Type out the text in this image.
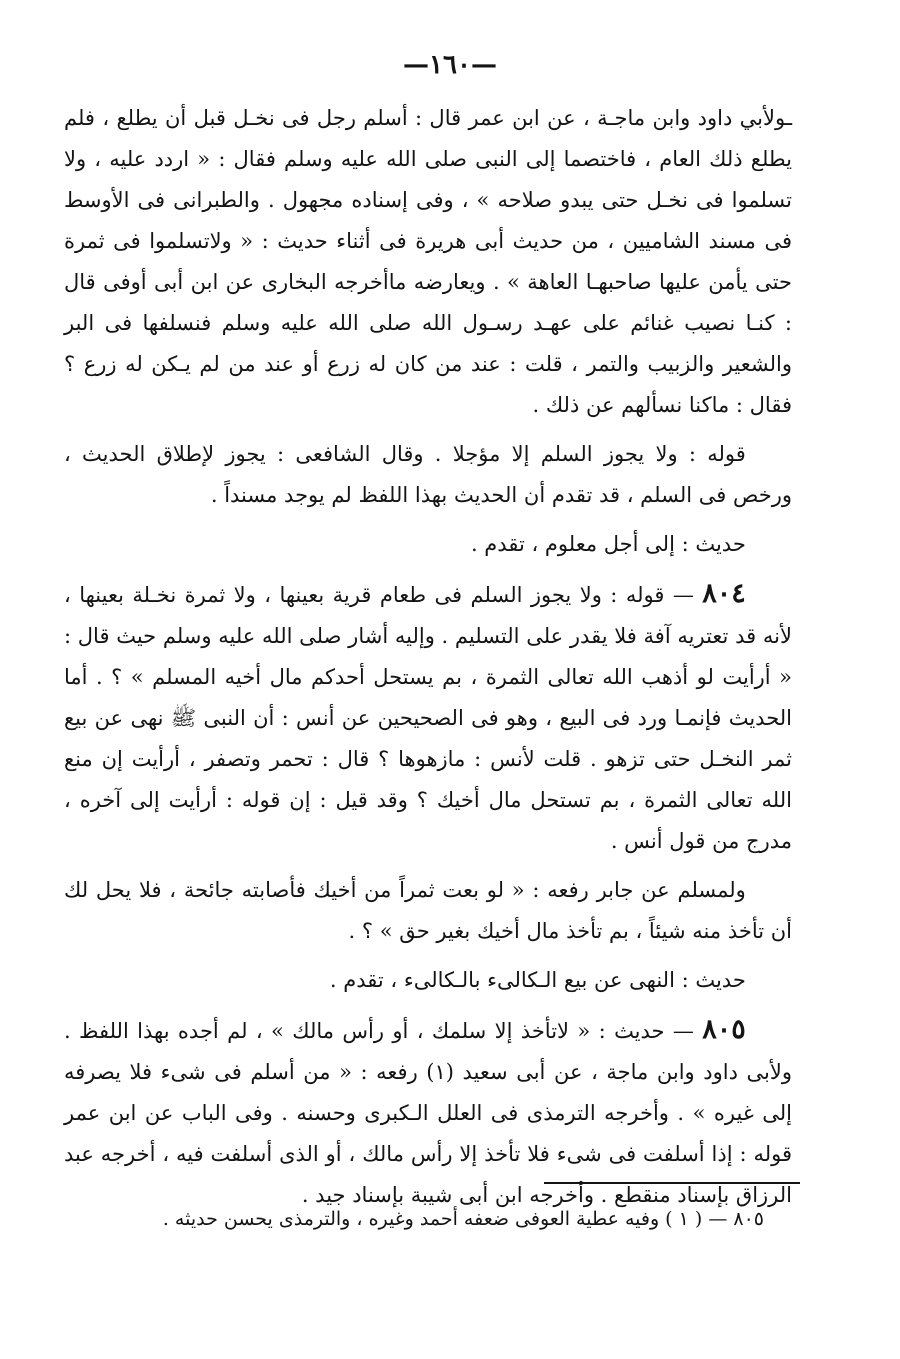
—١٦٠—

ـولأبي داود وابن ماجـة ، عن ابن عمر قال : أسلم رجل فى نخـل قبل أن يطلع ، فلم يطلع ذلك العام ، فاختصما إلى النبى صلى الله عليه وسلم فقال : « اردد عليه ، ولا تسلموا فى نخـل حتى يبدو صلاحه » ، وفى إسناده مجهول . والطبرانى فى الأوسط فى مسند الشاميين ، من حديث أبى هريرة فى أثناء حديث : « ولاتسلموا فى ثمرة حتى يأمن عليها صاحبهـا العاهة » . ويعارضه ماأخرجه البخارى عن ابن أبى أوفى قال : كنـا نصيب غنائم على عهـد رسـول الله صلى الله عليه وسلم فنسلفها فى البر والشعير والزبيب والتمر ، قلت : عند من كان له زرع أو عند من لم يـكن له زرع ؟ فقال : ماكنا نسألهم عن ذلك .

قوله : ولا يجوز السلم إلا مؤجلا . وقال الشافعى : يجوز لإطلاق الحديث ، ورخص فى السلم ، قد تقدم أن الحديث بهذا اللفظ لم يوجد مسنداً .

حديث : إلى أجل معلوم ، تقدم .

٨٠٤ — قوله : ولا يجوز السلم فى طعام قرية بعينها ، ولا ثمرة نخـلة بعينها ، لأنه قد تعتريه آفة فلا يقدر على التسليم . وإليه أشار صلى الله عليه وسلم حيث قال : « أرأيت لو أذهب الله تعالى الثمرة ، بم يستحل أحدكم مال أخيه المسلم » ؟ . أما الحديث فإنمـا ورد فى البيع ، وهو فى الصحيحين عن أنس : أن النبى ﷺ نهى عن بيع ثمر النخـل حتى تزهو . قلت لأنس : مازهوها ؟ قال : تحمر وتصفر ، أرأيت إن منع الله تعالى الثمرة ، بم تستحل مال أخيك ؟ وقد قيل : إن قوله : أرأيت إلى آخره ، مدرج من قول أنس .

ولمسلم عن جابر رفعه : « لو بعت ثمراً من أخيك فأصابته جائحة ، فلا يحل لك أن تأخذ منه شيئاً ، بم تأخذ مال أخيك بغير حق » ؟ .

حديث : النهى عن بيع الـكالىء بالـكالىء ، تقدم .

٨٠٥ — حديث : « لاتأخذ إلا سلمك ، أو رأس مالك » ، لم أجده بهذا اللفظ . ولأبى داود وابن ماجة ، عن أبى سعيد (١) رفعه : « من أسلم فى شىء فلا يصرفه إلى غيره » . وأخرجه الترمذى فى العلل الـكبرى وحسنه . وفى الباب عن ابن عمر قوله : إذا أسلفت فى شىء فلا تأخذ إلا رأس مالك ، أو الذى أسلفت فيه ، أخرجه عبد الرزاق بإسناد منقطع . وأخرجه ابن أبى شيبة بإسناد جيد .

٨٠٥ — ( ١ ) وفيه عطية العوفى ضعفه أحمد وغيره ، والترمذى يحسن حديثه .
